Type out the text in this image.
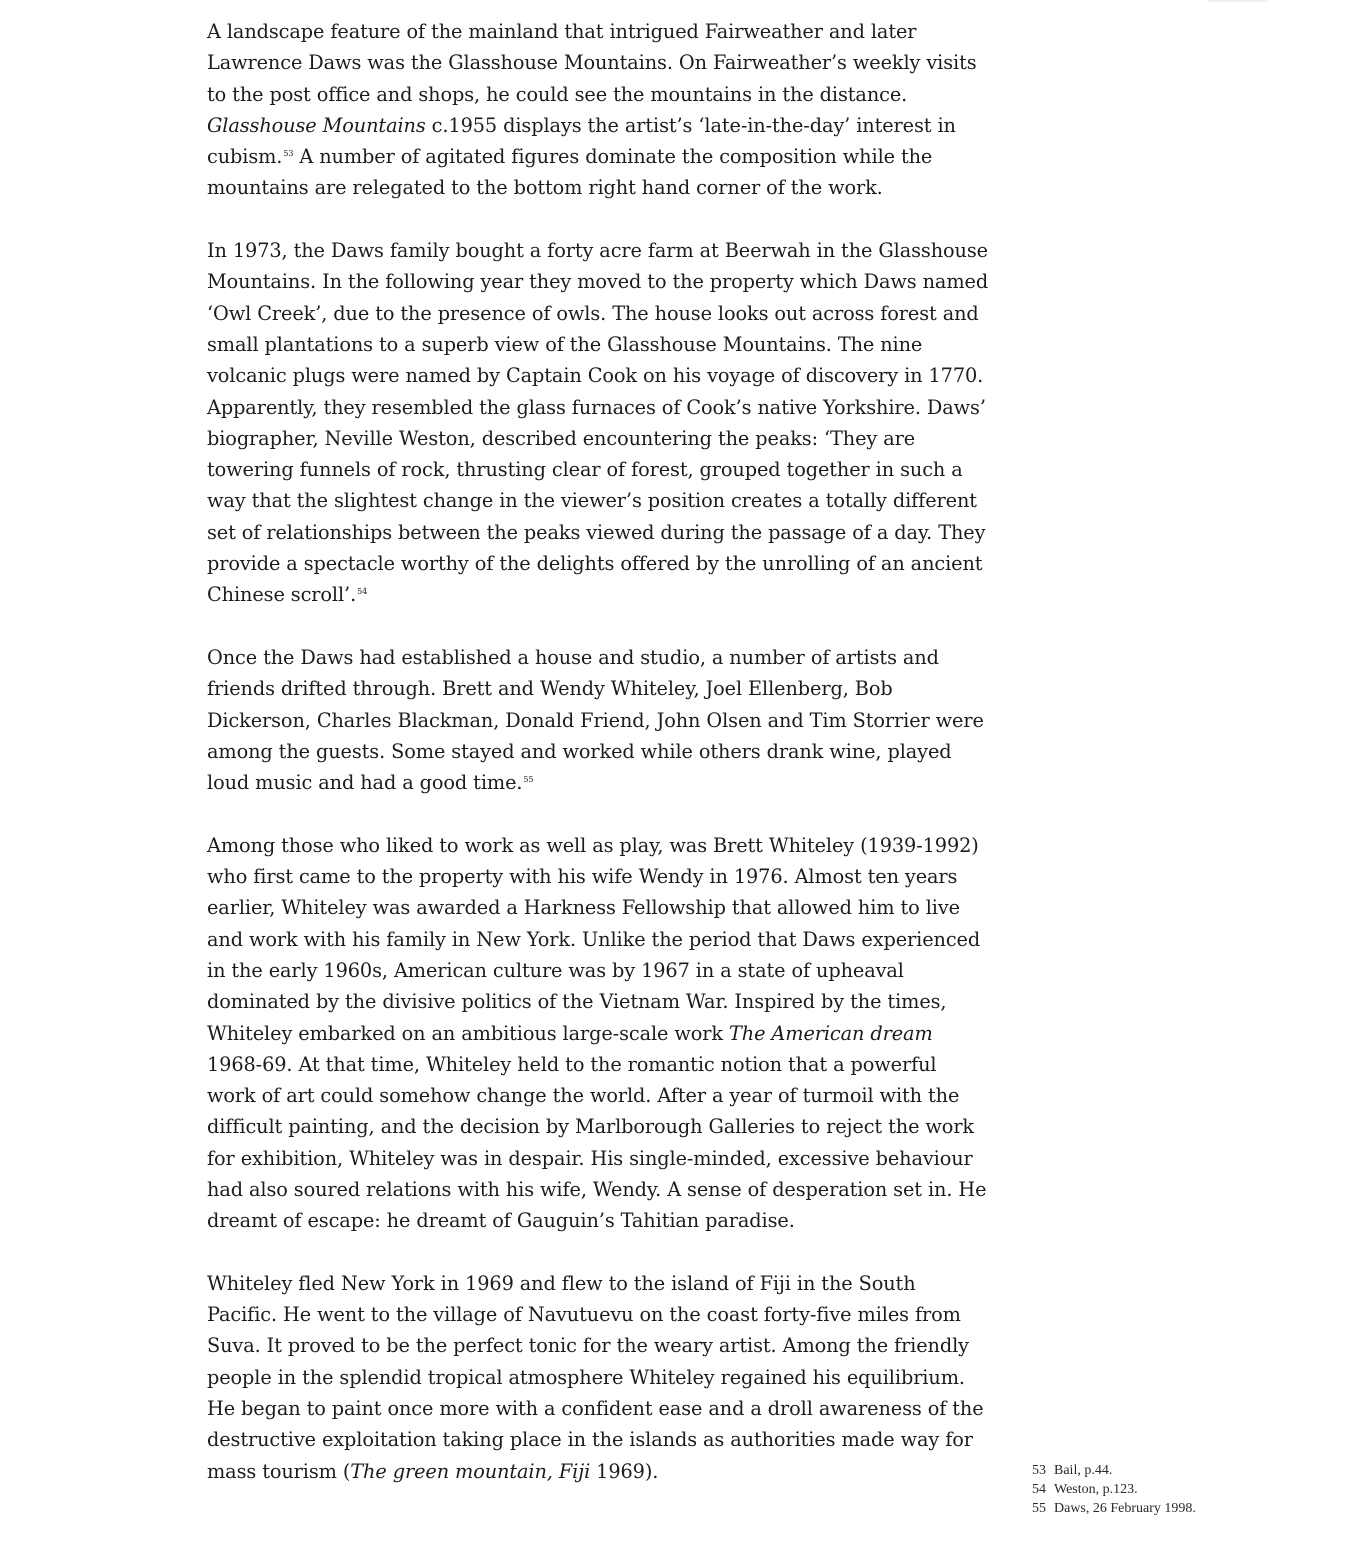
A landscape feature of the mainland that intrigued Fairweather and later
Lawrence Daws was the Glasshouse Mountains. On Fairweather’s weekly visits
to the post office and shops, he could see the mountains in the distance.
Glasshouse Mountains c.1955 displays the artist’s ‘late-in-the-day’ interest in
cubism.$^{53}$ A number of agitated figures dominate the composition while the
mountains are relegated to the bottom right hand corner of the work.

In 1973, the Daws family bought a forty acre farm at Beerwah in the Glasshouse
Mountains. In the following year they moved to the property which Daws named
‘Owl Creek’, due to the presence of owls. The house looks out across forest and
small plantations to a superb view of the Glasshouse Mountains. The nine
volcanic plugs were named by Captain Cook on his voyage of discovery in 1770.
Apparently, they resembled the glass furnaces of Cook’s native Yorkshire. Daws’
biographer, Neville Weston, described encountering the peaks: ‘They are
towering funnels of rock, thrusting clear of forest, grouped together in such a
way that the slightest change in the viewer’s position creates a totally different
set of relationships between the peaks viewed during the passage of a day. They
provide a spectacle worthy of the delights offered by the unrolling of an ancient
Chinese scroll’.$^{54}$

Once the Daws had established a house and studio, a number of artists and
friends drifted through. Brett and Wendy Whiteley, Joel Ellenberg, Bob
Dickerson, Charles Blackman, Donald Friend, John Olsen and Tim Storrier were
among the guests. Some stayed and worked while others drank wine, played
loud music and had a good time.$^{55}$

Among those who liked to work as well as play, was Brett Whiteley (1939-1992)
who first came to the property with his wife Wendy in 1976. Almost ten years
earlier, Whiteley was awarded a Harkness Fellowship that allowed him to live
and work with his family in New York. Unlike the period that Daws experienced
in the early 1960s, American culture was by 1967 in a state of upheaval
dominated by the divisive politics of the Vietnam War. Inspired by the times,
Whiteley embarked on an ambitious large-scale work The American dream
1968-69. At that time, Whiteley held to the romantic notion that a powerful
work of art could somehow change the world. After a year of turmoil with the
difficult painting, and the decision by Marlborough Galleries to reject the work
for exhibition, Whiteley was in despair. His single-minded, excessive behaviour
had also soured relations with his wife, Wendy. A sense of desperation set in. He
dreamt of escape: he dreamt of Gauguin’s Tahitian paradise.

Whiteley fled New York in 1969 and flew to the island of Fiji in the South
Pacific. He went to the village of Navutuevu on the coast forty-five miles from
Suva. It proved to be the perfect tonic for the weary artist. Among the friendly
people in the splendid tropical atmosphere Whiteley regained his equilibrium.
He began to paint once more with a confident ease and a droll awareness of the
destructive exploitation taking place in the islands as authorities made way for
mass tourism (The green mountain, Fiji 1969).	53 Bail, p.44.
54 Weston, p.123.
55 Daws, 26 February 1998.
